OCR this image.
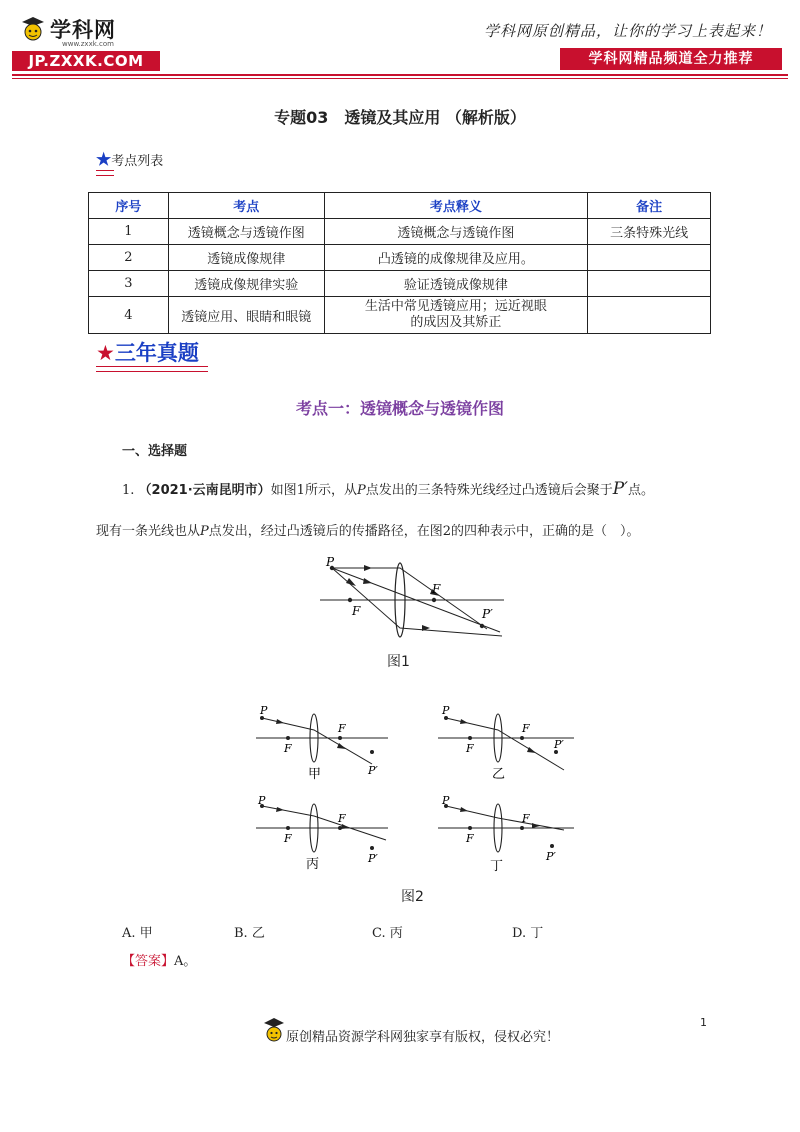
学科网
www.zxxk.com
JP.ZXXK.COM
学科网原创精品，让你的学习上表起来！
学科网精品频道全力推荐
专题03　透镜及其应用 （解析版）
★考点列表
序号	考点	考点释义	备注
1	透镜概念与透镜作图	透镜概念与透镜作图	三条特殊光线
2	透镜成像规律	凸透镜的成像规律及应用。	
3	透镜成像规律实验	验证透镜成像规律	
4	透镜应用、眼睛和眼镜	生活中常见透镜应用；远近视眼的成因及其矫正	
★三年真题
考点一：透镜概念与透镜作图
一、选择题
1. （2021·云南昆明市）如图1所示，从P点发出的三条特殊光线经过凸透镜后会聚于P′点。
现有一条光线也从P点发出，经过凸透镜后的传播路径，在图2的四种表示中，正确的是（　）。
P
F
F
P′
图1
P
F
F
P′
甲
P
F
F
P′
乙
P
F
F
P′
丙
P
F
F
P′
丁
图2
A. 甲	B. 乙	C. 丙	D. 丁
【答案】A。
1
原创精品资源学科网独家享有版权，侵权必究！
